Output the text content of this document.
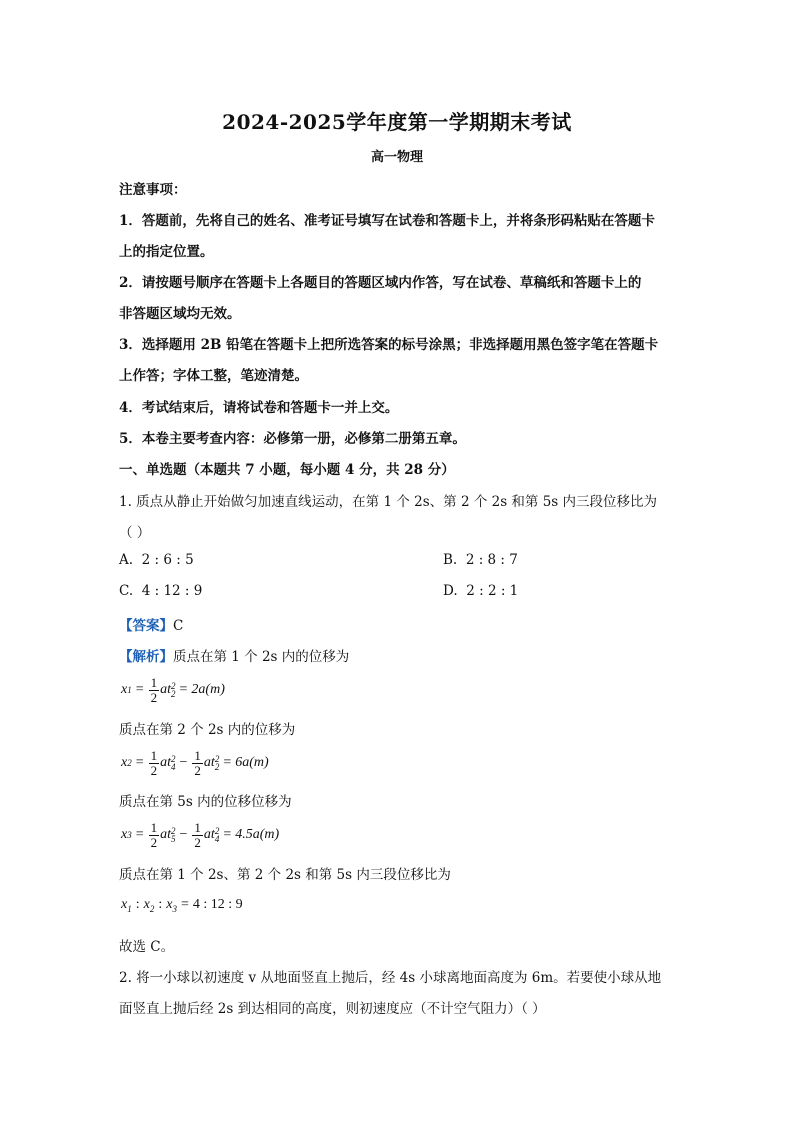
2024-2025学年度第一学期期末考试
高一物理
注意事项：
1．答题前，先将自己的姓名、准考证号填写在试卷和答题卡上，并将条形码粘贴在答题卡
上的指定位置。
2．请按题号顺序在答题卡上各题目的答题区域内作答，写在试卷、草稿纸和答题卡上的
非答题区域均无效。
3．选择题用 2B 铅笔在答题卡上把所选答案的标号涂黑；非选择题用黑色签字笔在答题卡
上作答；字体工整，笔迹清楚。
4．考试结束后，请将试卷和答题卡一并上交。
5．本卷主要考查内容：必修第一册，必修第二册第五章。
一、单选题（本题共 7 小题，每小题 4 分，共 28 分）
1. 质点从静止开始做匀加速直线运动，在第 1 个 2s、第 2 个 2s 和第 5s 内三段位移比为
（ ）
A. 2 : 6 : 5	B. 2 : 8 : 7
C. 4 : 12 : 9	D. 2 : 2 : 1
【答案】C
【解析】质点在第 1 个 2s 内的位移为
x $1 = \frac{1}{2}$ at 2
2 = 2a(m)
质点在第 2 个 2s 内的位移为
x $2 = \frac{1}{2}$ at 2
$4 - \frac{1}{2}$ at 2
2 = 6a(m)
质点在第 5s 内的位移位移为
x $3 = \frac{1}{2}$ at 2
$5 - \frac{1}{2}$ at 2
4 = 4.5a(m)
质点在第 1 个 2s、第 2 个 2s 和第 5s 内三段位移比为
$x_1$ : $x_2$ : $x_3 = 4$ : 12 : 9
故选 C。
2. 将一小球以初速度 v 从地面竖直上抛后，经 4s 小球离地面高度为 6m。若要使小球从地
面竖直上抛后经 2s 到达相同的高度，则初速度应（不计空气阻力）（ ）
